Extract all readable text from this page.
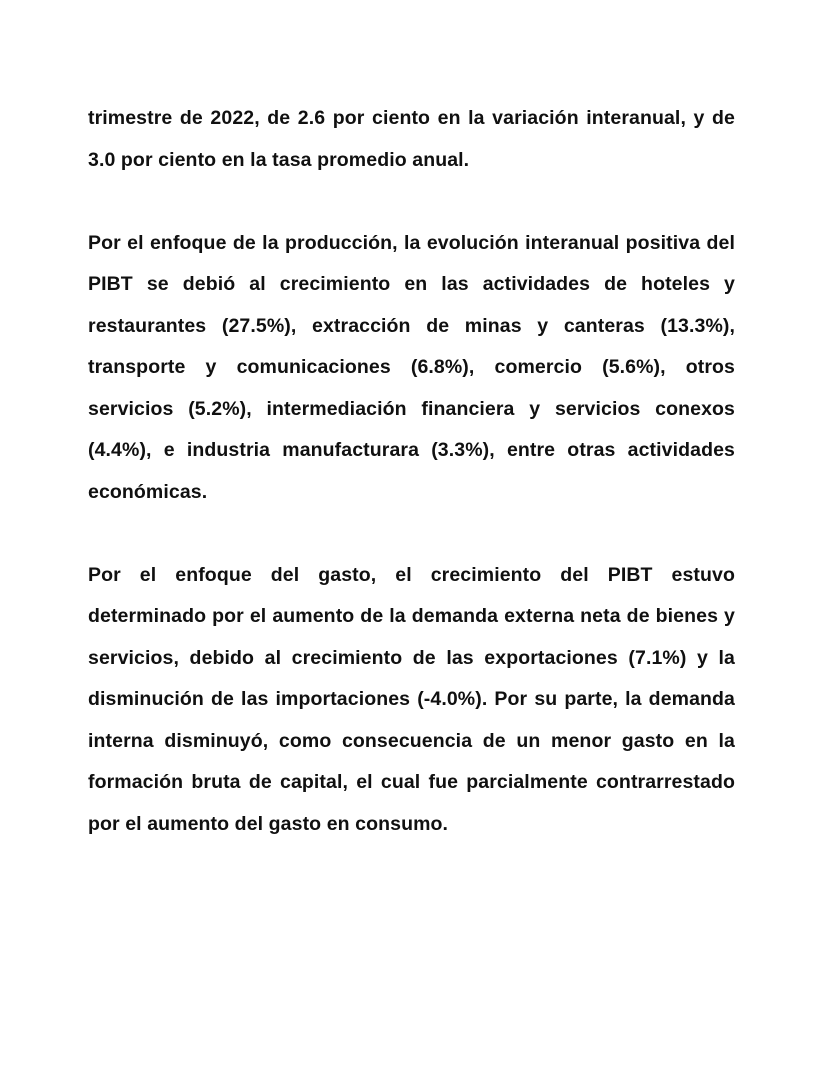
trimestre de 2022, de 2.6 por ciento en la variación interanual, y de 3.0 por ciento en la tasa promedio anual.

Por el enfoque de la producción, la evolución interanual positiva del PIBT se debió al crecimiento en las actividades de hoteles y restaurantes (27.5%), extracción de minas y canteras (13.3%), transporte y comunicaciones (6.8%), comercio (5.6%), otros servicios (5.2%), intermediación financiera y servicios conexos (4.4%), e industria manufacturara (3.3%), entre otras actividades económicas.

Por el enfoque del gasto, el crecimiento del PIBT estuvo determinado por el aumento de la demanda externa neta de bienes y servicios, debido al crecimiento de las exportaciones (7.1%) y la disminución de las importaciones (-4.0%). Por su parte, la demanda interna disminuyó, como consecuencia de un menor gasto en la formación bruta de capital, el cual fue parcialmente contrarrestado por el aumento del gasto en consumo.
